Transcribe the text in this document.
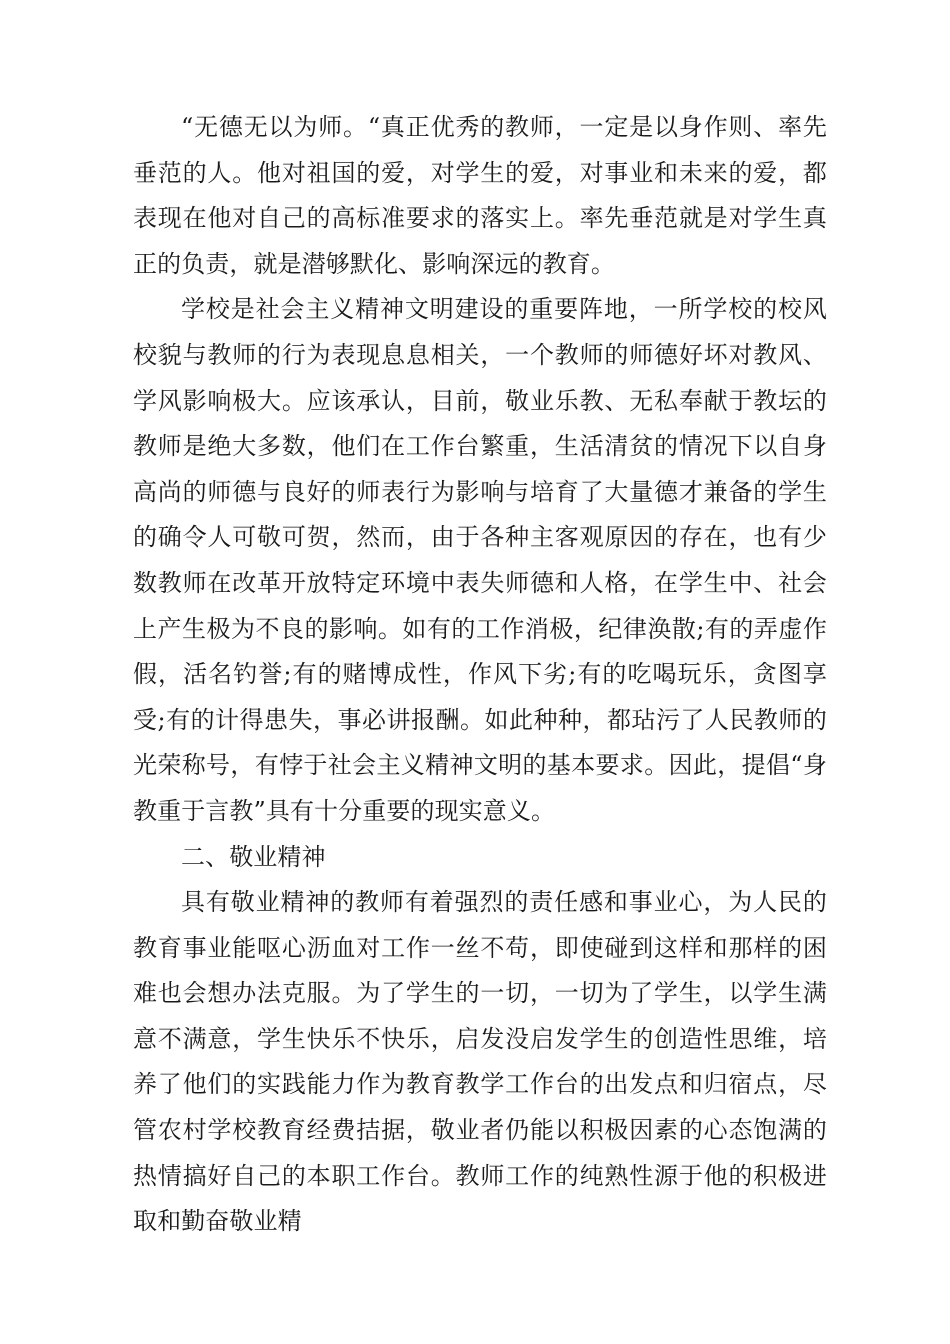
“无德无以为师。“真正优秀的教师，一定是以身作则、率先垂范的人。他对祖国的爱，对学生的爱，对事业和未来的爱，都表现在他对自己的高标准要求的落实上。率先垂范就是对学生真正的负责，就是潜够默化、影响深远的教育。

学校是社会主义精神文明建设的重要阵地，一所学校的校风校貌与教师的行为表现息息相关，一个教师的师德好坏对教风、学风影响极大。应该承认，目前，敬业乐教、无私奉献于教坛的教师是绝大多数，他们在工作台繁重，生活清贫的情况下以自身高尚的师德与良好的师表行为影响与培育了大量德才兼备的学生的确令人可敬可贺，然而，由于各种主客观原因的存在，也有少数教师在改革开放特定环境中表失师德和人格，在学生中、社会上产生极为不良的影响。如有的工作消极，纪律涣散;有的弄虚作假，活名钓誉;有的赌博成性，作风下劣;有的吃喝玩乐，贪图享受;有的计得患失，事必讲报酬。如此种种，都玷污了人民教师的光荣称号，有悖于社会主义精神文明的基本要求。因此，提倡“身教重于言教”具有十分重要的现实意义。

二、敬业精神

具有敬业精神的教师有着强烈的责任感和事业心，为人民的教育事业能呕心沥血对工作一丝不苟，即使碰到这样和那样的困难也会想办法克服。为了学生的一切，一切为了学生，以学生满意不满意，学生快乐不快乐，启发没启发学生的创造性思维，培养了他们的实践能力作为教育教学工作台的出发点和归宿点，尽管农村学校教育经费拮据，敬业者仍能以积极因素的心态饱满的热情搞好自己的本职工作台。教师工作的纯熟性源于他的积极进取和勤奋敬业精
